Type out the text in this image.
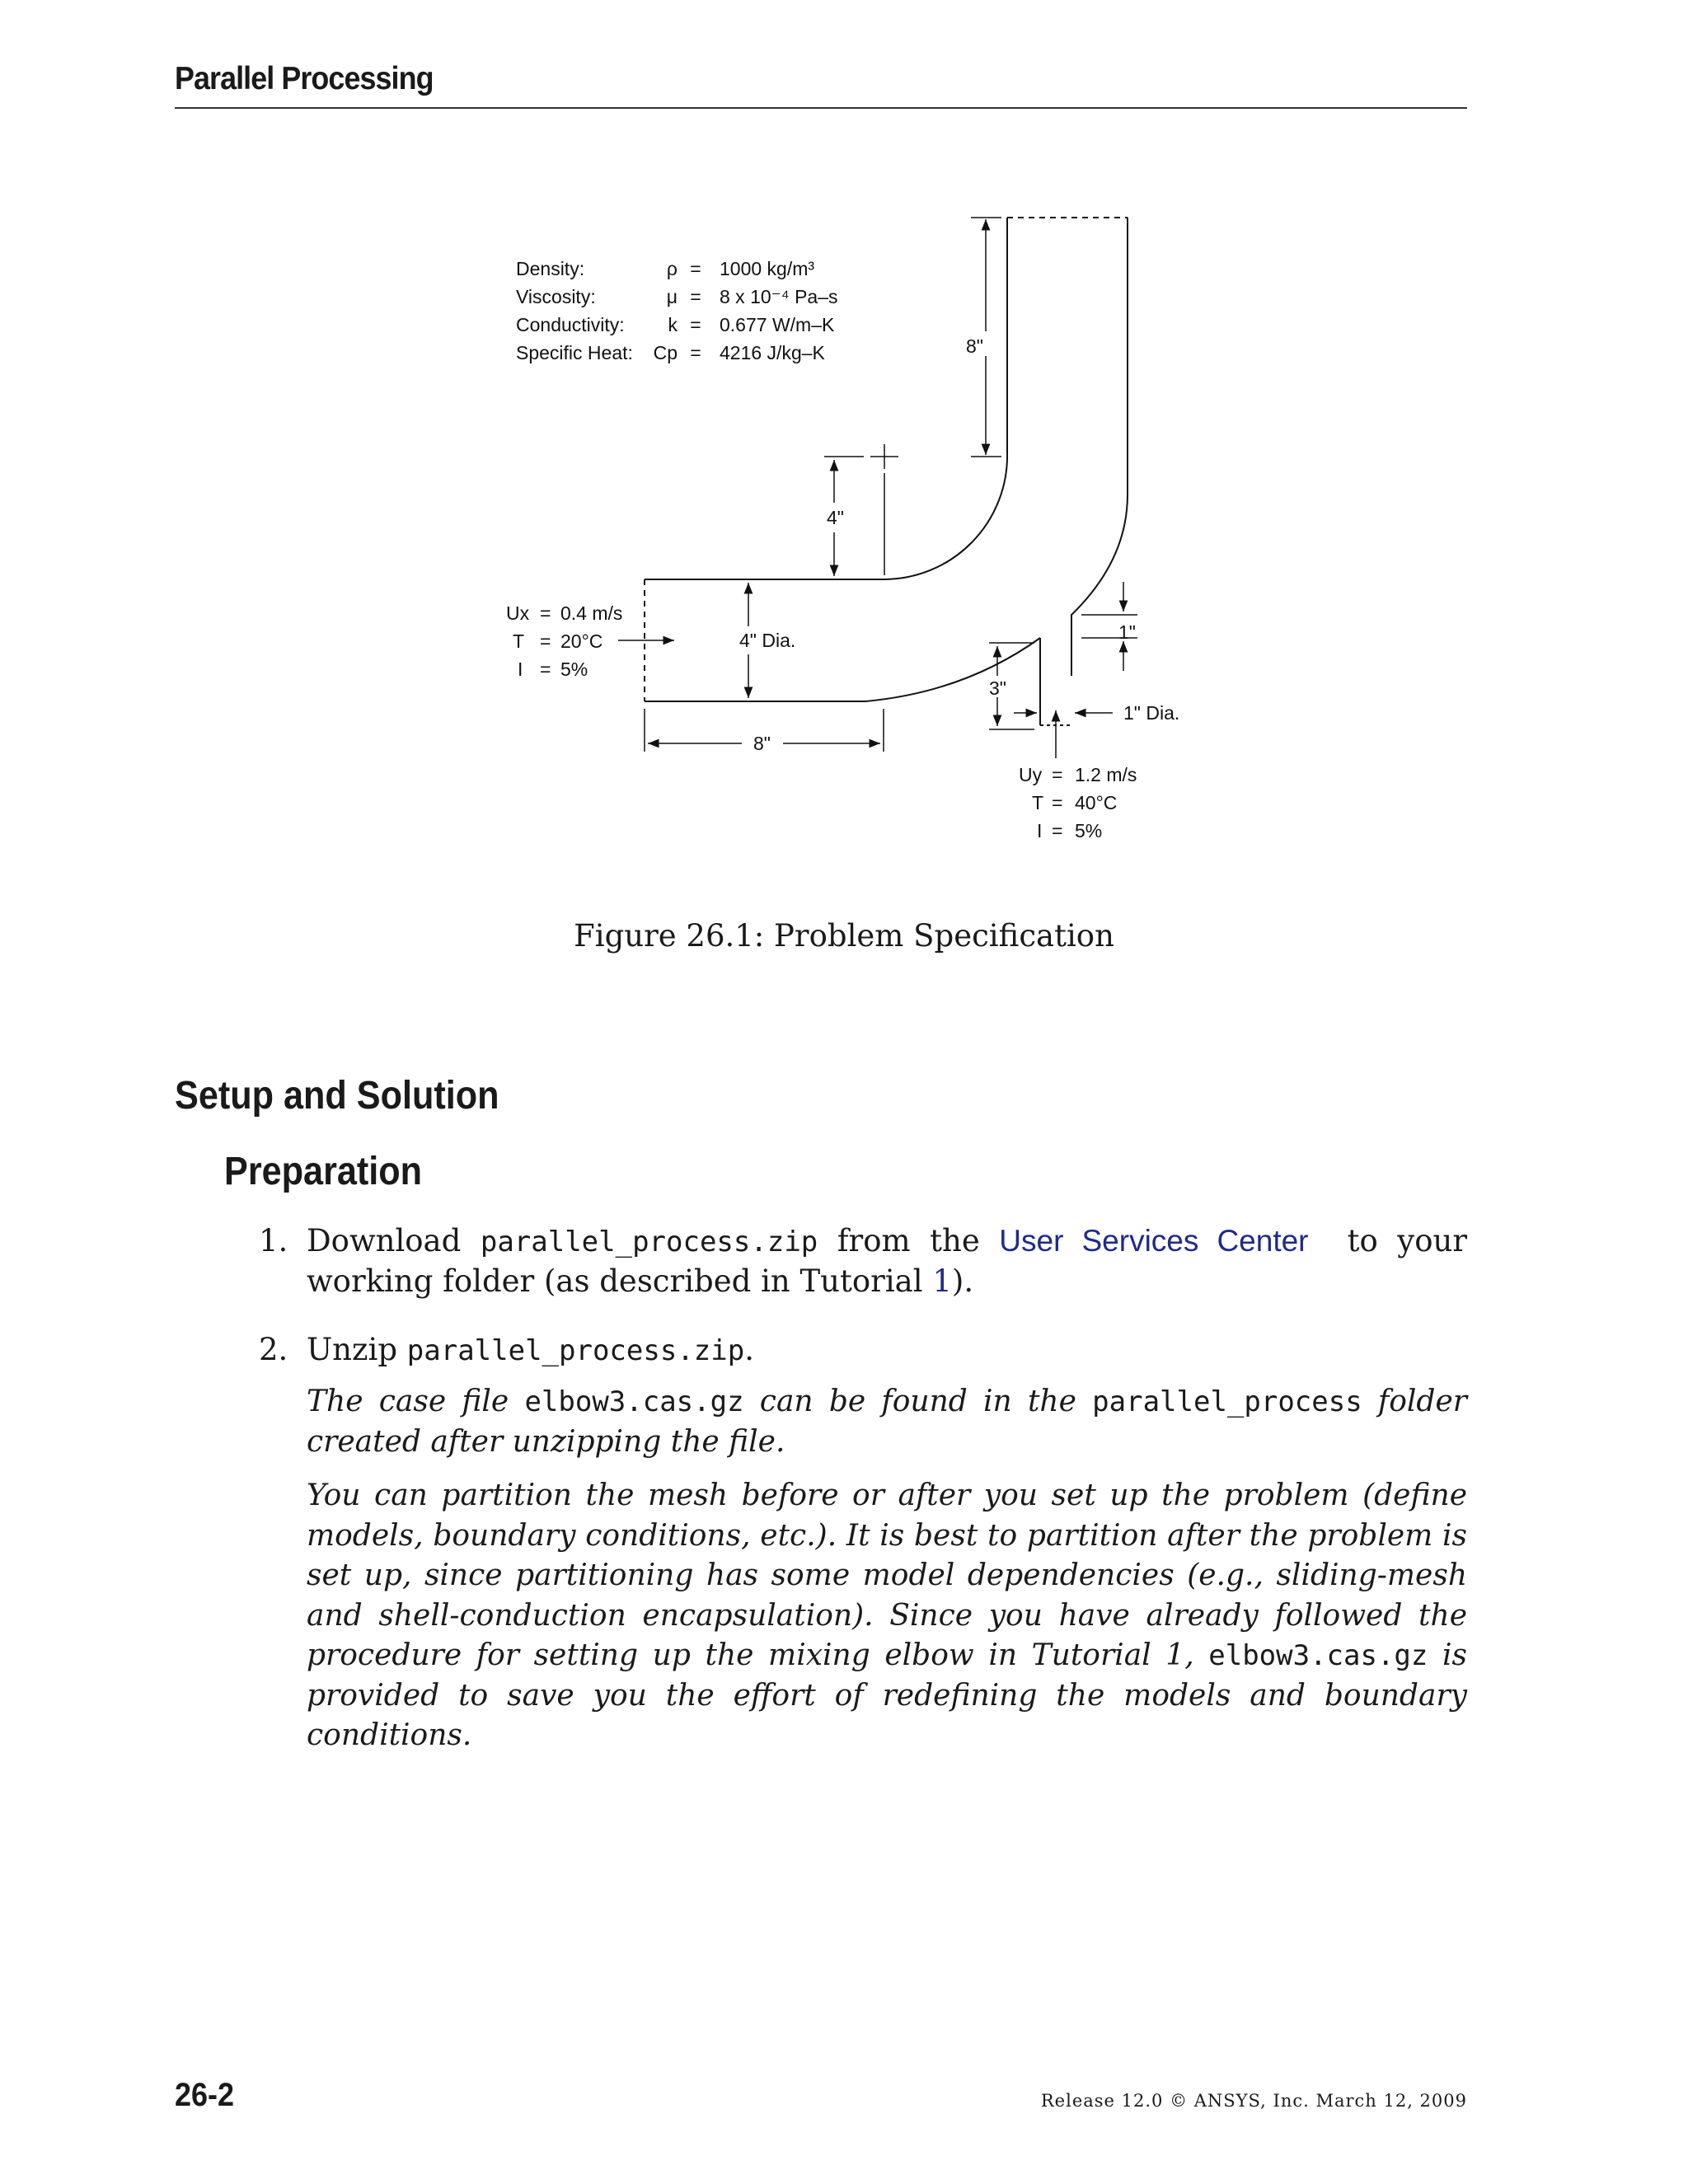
Parallel Processing
Density:
Viscosity:
Conductivity:
Specific Heat:
ρ
μ
k
Cp
=
=
=
=
1000 kg/m³
8 x 10⁻⁴ Pa–s
0.677 W/m–K
4216 J/kg–K	8"
4"
4" Dia.
8"
1"
3"
1" Dia.
Ux = 0.4 m/s
T = 20°C
I = 5%
Uy = 1.2 m/s
T = 40°C
I = 5%
Figure 26.1: Problem Specification
Setup and Solution
Preparation
1. Download parallel_process.zip from the User Services Center to your working folder (as described in Tutorial 1).
2. Unzip parallel_process.zip.
The case file elbow3.cas.gz can be found in the parallel_process folder created after unzipping the file.
You can partition the mesh before or after you set up the problem (define models, boundary conditions, etc.). It is best to partition after the problem is set up, since partitioning has some model dependencies (e.g., sliding-mesh and shell-conduction encapsulation). Since you have already followed the procedure for setting up the mixing elbow in Tutorial 1, elbow3.cas.gz is provided to save you the effort of redefining the models and boundary conditions.
26-2	Release 12.0 © ANSYS, Inc. March 12, 2009
